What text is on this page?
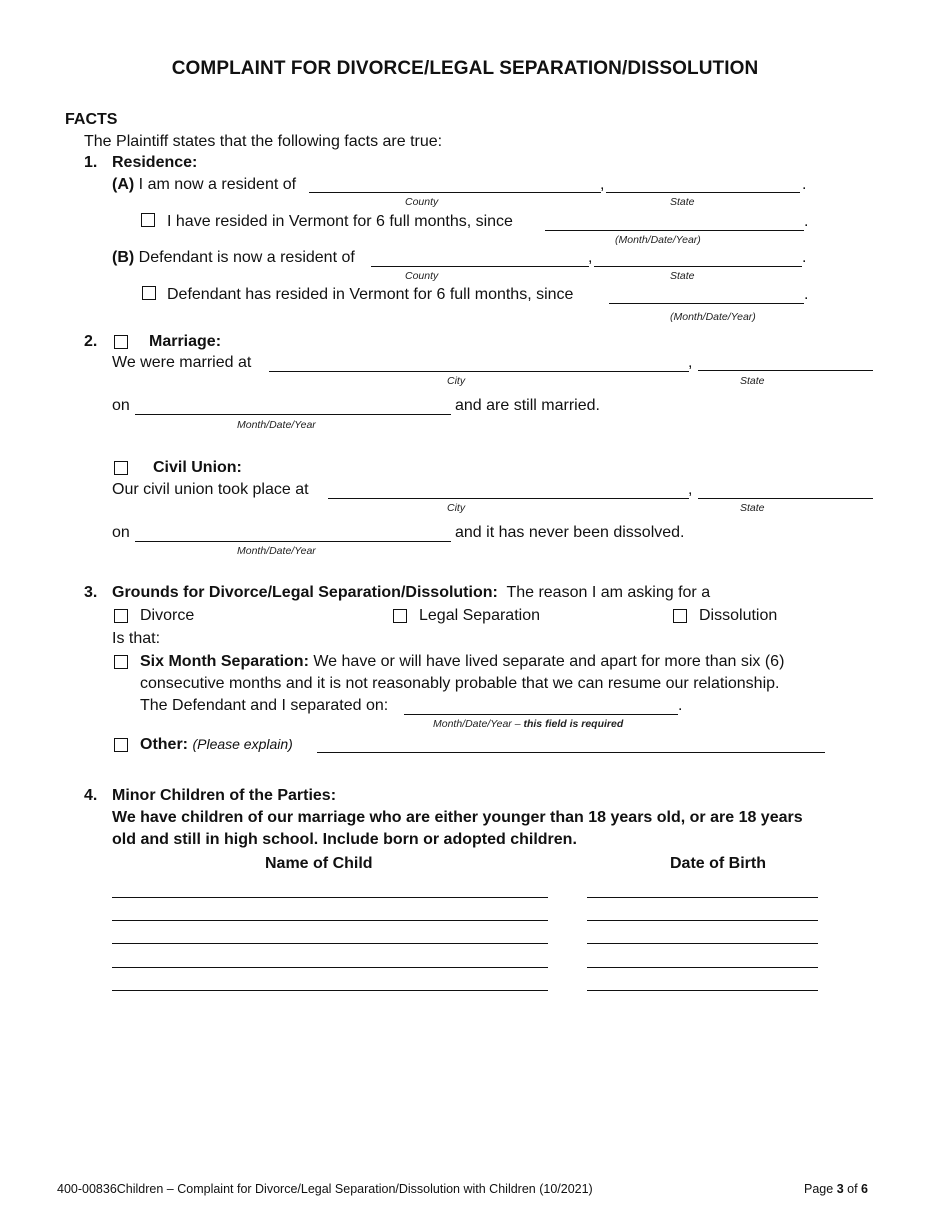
COMPLAINT FOR DIVORCE/LEGAL SEPARATION/DISSOLUTION
FACTS
The Plaintiff states that the following facts are true:
1. Residence:
(A) I am now a resident of	,	.
County	State
I have resided in Vermont for 6 full months, since	.
(Month/Date/Year)
(B) Defendant is now a resident of	,	.
County	State
Defendant has resided in Vermont for 6 full months, since	.
(Month/Date/Year)
2.	Marriage:
We were married at	,
City	State
on	and are still married.
Month/Date/Year
Civil Union:
Our civil union took place at	,
City	State
on	and it has never been dissolved.
Month/Date/Year
3. Grounds for Divorce/Legal Separation/Dissolution: The reason I am asking for a
Divorce	Legal Separation	Dissolution
Is that:
Six Month Separation: We have or will have lived separate and apart for more than six (6)
consecutive months and it is not reasonably probable that we can resume our relationship.
The Defendant and I separated on:	.
Month/Date/Year – this field is required
Other: (Please explain)
4. Minor Children of the Parties:
We have children of our marriage who are either younger than 18 years old, or are 18 years
old and still in high school. Include born or adopted children.
Name of Child	Date of Birth
400-00836Children – Complaint for Divorce/Legal Separation/Dissolution with Children (10/2021)	Page 3 of 6
